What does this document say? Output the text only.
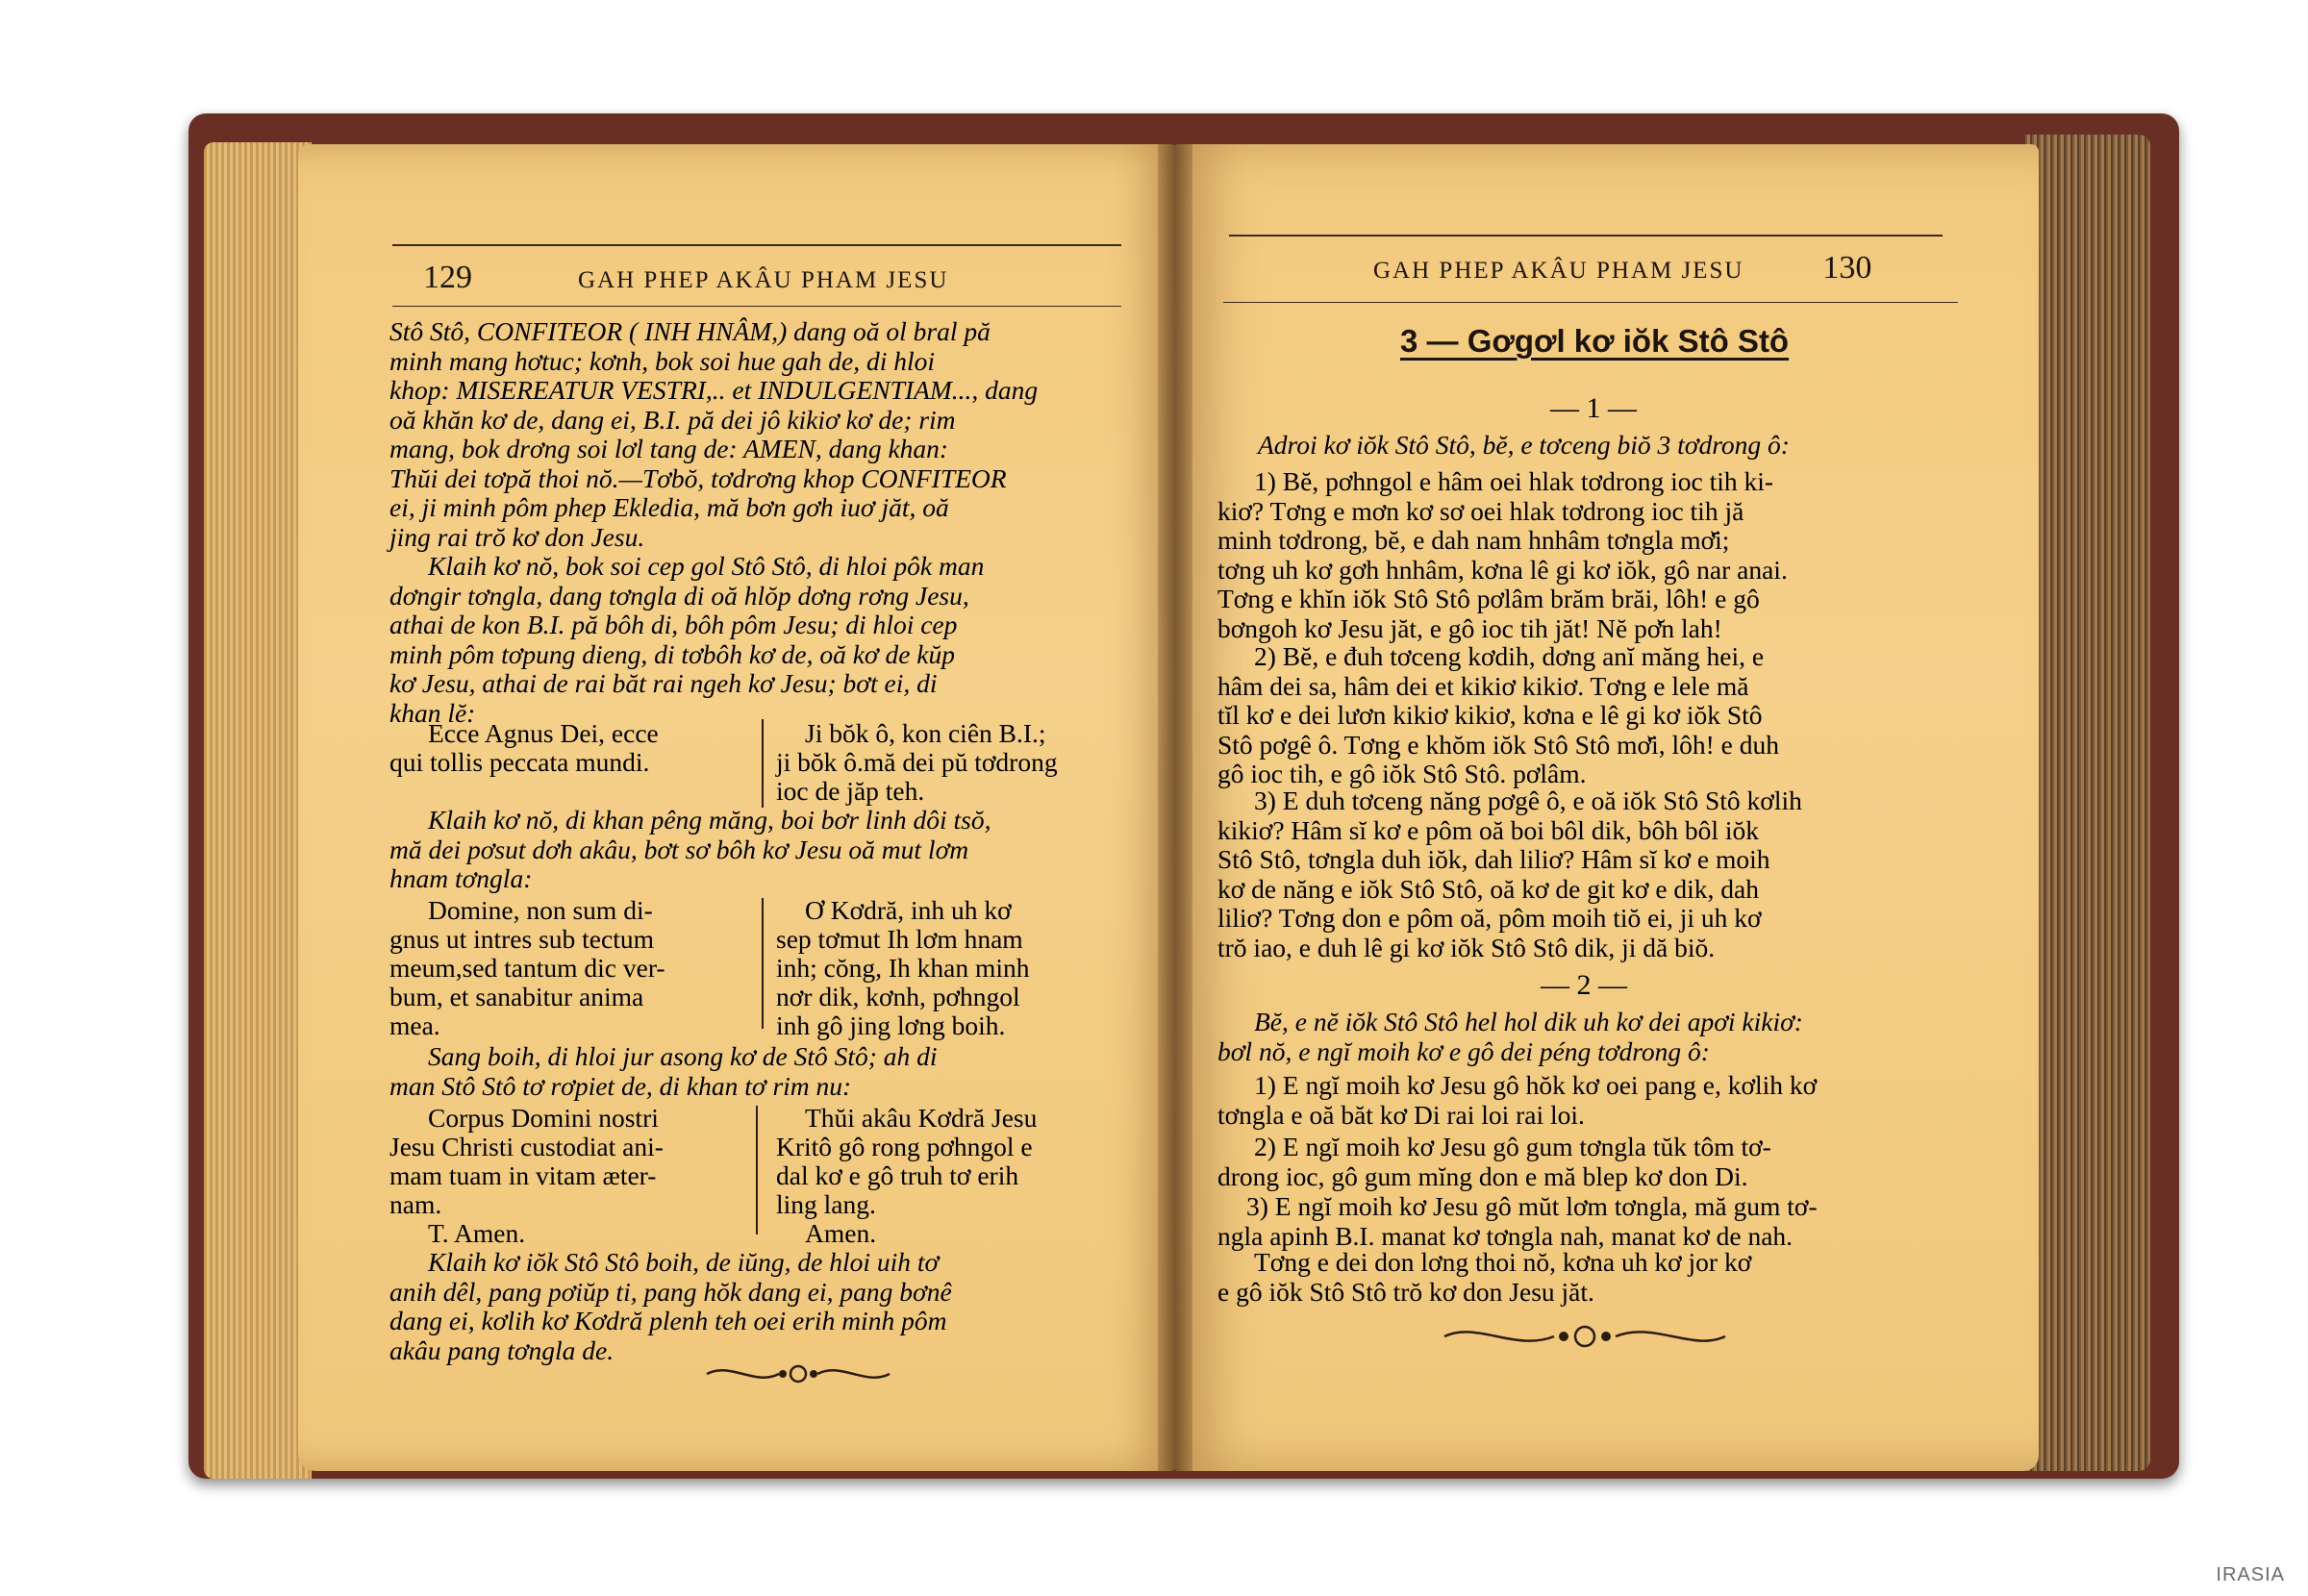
129	GAH PHEP AKÂU PHAM JESU
Stô Stô, CONFITEOR ( INH HNÂM,) dang oă ol bral pă
minh mang hơtuc; kơnh, bok soi hue gah de, di hloi
khop: MISEREATUR VESTRI,.. et INDULGENTIAM..., dang
oă khăn kơ de, dang ei, B.I. pă dei jô kikiơ kơ de; rim
mang, bok drơng soi lơl tang de: AMEN, dang khan:
Thŭi dei tơpă thoi nŏ.—Tơbŏ, tơdrơng khop CONFITEOR
ei, ji minh pôm phep Ekledia, mă bơn gơh iuơ jăt, oă
jing rai trŏ kơ don Jesu.
Klaih kơ nŏ, bok soi cep gol Stô Stô, di hloi pôk man
dơngir tơngla, dang tơngla di oă hlŏp dơng rơng Jesu,
athai de kon B.I. pă bôh di, bôh pôm Jesu; di hloi cep
minh pôm tơpung dieng, di tơbôh kơ de, oă kơ de kŭp
kơ Jesu, athai de rai băt rai ngeh kơ Jesu; bơt ei, di
khan lĕ:
Ecce Agnus Dei, ecce
qui tollis peccata mundi.
Ji bŏk ô, kon ciên B.I.;
ji bŏk ô.mă dei pŭ tơdrong
ioc de jăp teh.
Klaih kơ nŏ, di khan pêng măng, boi bơr linh dôi tsŏ,
mă dei pơsut dơh akâu, bơt sơ bôh kơ Jesu oă mut lơm
hnam tơngla:
Domine, non sum di-
gnus ut intres sub tectum
meum,sed tantum dic ver-
bum, et sanabitur anima
mea.
Ơ Kơdră, inh uh kơ
sep tơmut Ih lơm hnam
inh; cŏng, Ih khan minh
nơr dik, kơnh, pơhngol
inh gô jing lơng boih.
Sang boih, di hloi jur asong kơ de Stô Stô; ah di
man Stô Stô tơ rơpiet de, di khan tơ rim nu:
Corpus Domini nostri
Jesu Christi custodiat ani-
mam tuam in vitam æter-
nam.
T. Amen.
Thŭi akâu Kơdră Jesu
Kritô gô rong pơhngol e
dal kơ e gô truh tơ erih
ling lang.
Amen.
Klaih kơ iŏk Stô Stô boih, de iŭng, de hloi uih tơ
anih dêl, pang pơiŭp ti, pang hŏk dang ei, pang bơnê
dang ei, kơlih kơ Kơdră plenh teh oei erih minh pôm
akâu pang tơngla de.
GAH PHEP AKÂU PHAM JESU 130
3 — Gơgơl kơ iŏk Stô Stô
— 1 —
Adroi kơ iŏk Stô Stô, bĕ, e tơceng biŏ 3 tơdrong ô:
1) Bĕ, pơhngol e hâm oei hlak tơdrong ioc tih ki-
kiơ? Tơng e mơn kơ sơ oei hlak tơdrong ioc tih jă
minh tơdrong, bĕ, e dah nam hnhâm tơngla mơ̆i;
tơng uh kơ gơh hnhâm, kơna lê gi kơ iŏk, gô nar anai.
Tơng e khĭn iŏk Stô Stô pơlâm brăm brăi, lôh! e gô
bơngoh kơ Jesu jăt, e gô ioc tih jăt! Nĕ pơ̆n lah!
2) Bĕ, e đuh tơceng kơdih, dơng anĭ măng hei, e
hâm dei sa, hâm dei et kikiơ kikiơ. Tơng e lele mă
tĭl kơ e dei lươn kikiơ kikiơ, kơna e lê gi kơ iŏk Stô
Stô pơgê ô. Tơng e khŏm iŏk Stô Stô mơ̆i, lôh! e duh
gô ioc tih, e gô iŏk Stô Stô. pơlâm.
3) E duh tơceng năng pơgê ô, e oă iŏk Stô Stô kơlih
kikiơ? Hâm sĭ kơ e pôm oă boi bôl dik, bôh bôl iŏk
Stô Stô, tơngla duh iŏk, dah liliơ? Hâm sĭ kơ e moih
kơ de năng e iŏk Stô Stô, oă kơ de git kơ e dik, dah
liliơ? Tơng don e pôm oă, pôm moih tiŏ ei, ji uh kơ
trŏ iao, e duh lê gi kơ iŏk Stô Stô dik, ji dă biŏ.
— 2 —
Bĕ, e nĕ iŏk Stô Stô hel hol dik uh kơ dei apơi kikiơ:
bơl nŏ, e ngĭ moih kơ e gô dei péng tơdrong ô:
1) E ngĭ moih kơ Jesu gô hŏk kơ oei pang e, kơlih kơ
tơngla e oă băt kơ Di rai loi rai loi.
2) E ngĭ moih kơ Jesu gô gum tơngla tŭk tôm tơ-
drong ioc, gô gum mĭng don e mă blep kơ don Di.
3) E ngĭ moih kơ Jesu gô mŭt lơm tơngla, mă gum tơ-
ngla apinh B.I. manat kơ tơngla nah, manat kơ de nah.
Tơng e dei don lơng thoi nŏ, kơna uh kơ jor kơ
e gô iŏk Stô Stô trŏ kơ don Jesu jăt.
IRASIA
